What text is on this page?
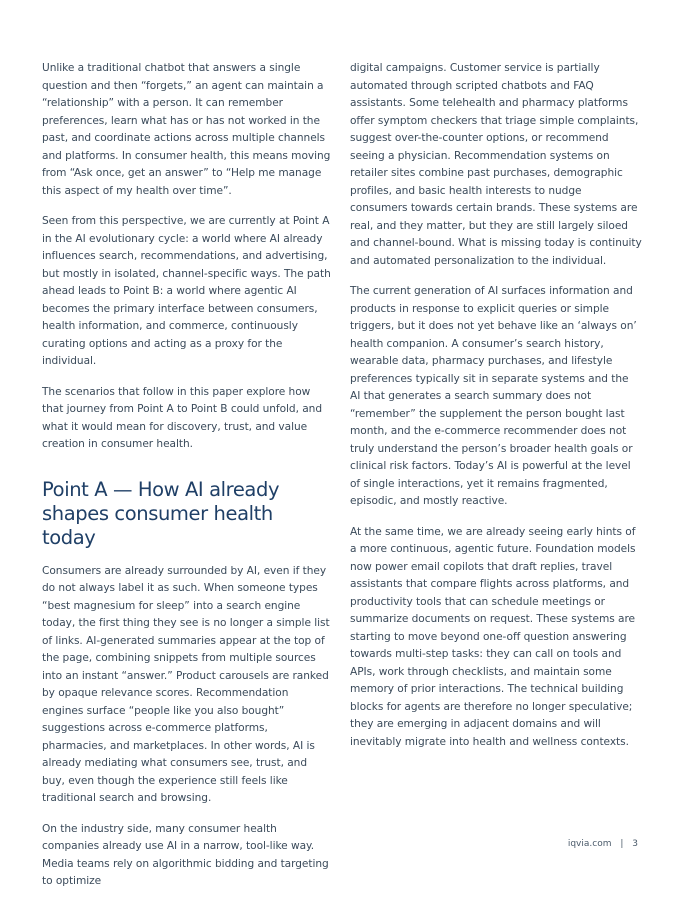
Unlike a traditional chatbot that answers a single question and then “forgets,” an agent can maintain a “relationship” with a person. It can remember preferences, learn what has or has not worked in the past, and coordinate actions across multiple channels and platforms. In consumer health, this means moving from “Ask once, get an answer” to “Help me manage this aspect of my health over time”.

Seen from this perspective, we are currently at Point A in the AI evolutionary cycle: a world where AI already influences search, recommendations, and advertising, but mostly in isolated, channel-specific ways. The path ahead leads to Point B: a world where agentic AI becomes the primary interface between consumers, health information, and commerce, continuously curating options and acting as a proxy for the individual.

The scenarios that follow in this paper explore how that journey from Point A to Point B could unfold, and what it would mean for discovery, trust, and value creation in consumer health.

Point A — How AI already shapes consumer health today

Consumers are already surrounded by AI, even if they do not always label it as such. When someone types “best magnesium for sleep” into a search engine today, the first thing they see is no longer a simple list of links. AI-generated summaries appear at the top of the page, combining snippets from multiple sources into an instant “answer.” Product carousels are ranked by opaque relevance scores. Recommendation engines surface “people like you also bought” suggestions across e-commerce platforms, pharmacies, and marketplaces. In other words, AI is already mediating what consumers see, trust, and buy, even though the experience still feels like traditional search and browsing.

On the industry side, many consumer health companies already use AI in a narrow, tool-like way. Media teams rely on algorithmic bidding and targeting to optimize

digital campaigns. Customer service is partially automated through scripted chatbots and FAQ assistants. Some telehealth and pharmacy platforms offer symptom checkers that triage simple complaints, suggest over-the-counter options, or recommend seeing a physician. Recommendation systems on retailer sites combine past purchases, demographic profiles, and basic health interests to nudge consumers towards certain brands. These systems are real, and they matter, but they are still largely siloed and channel-bound. What is missing today is continuity and automated personalization to the individual.

The current generation of AI surfaces information and products in response to explicit queries or simple triggers, but it does not yet behave like an ‘always on’ health companion. A consumer’s search history, wearable data, pharmacy purchases, and lifestyle preferences typically sit in separate systems and the AI that generates a search summary does not “remember” the supplement the person bought last month, and the e-commerce recommender does not truly understand the person’s broader health goals or clinical risk factors. Today’s AI is powerful at the level of single interactions, yet it remains fragmented, episodic, and mostly reactive.

At the same time, we are already seeing early hints of a more continuous, agentic future. Foundation models now power email copilots that draft replies, travel assistants that compare flights across platforms, and productivity tools that can schedule meetings or summarize documents on request. These systems are starting to move beyond one-off question answering towards multi-step tasks: they can call on tools and APIs, work through checklists, and maintain some memory of prior interactions. The technical building blocks for agents are therefore no longer speculative; they are emerging in adjacent domains and will inevitably migrate into health and wellness contexts.

iqvia.com | 3
